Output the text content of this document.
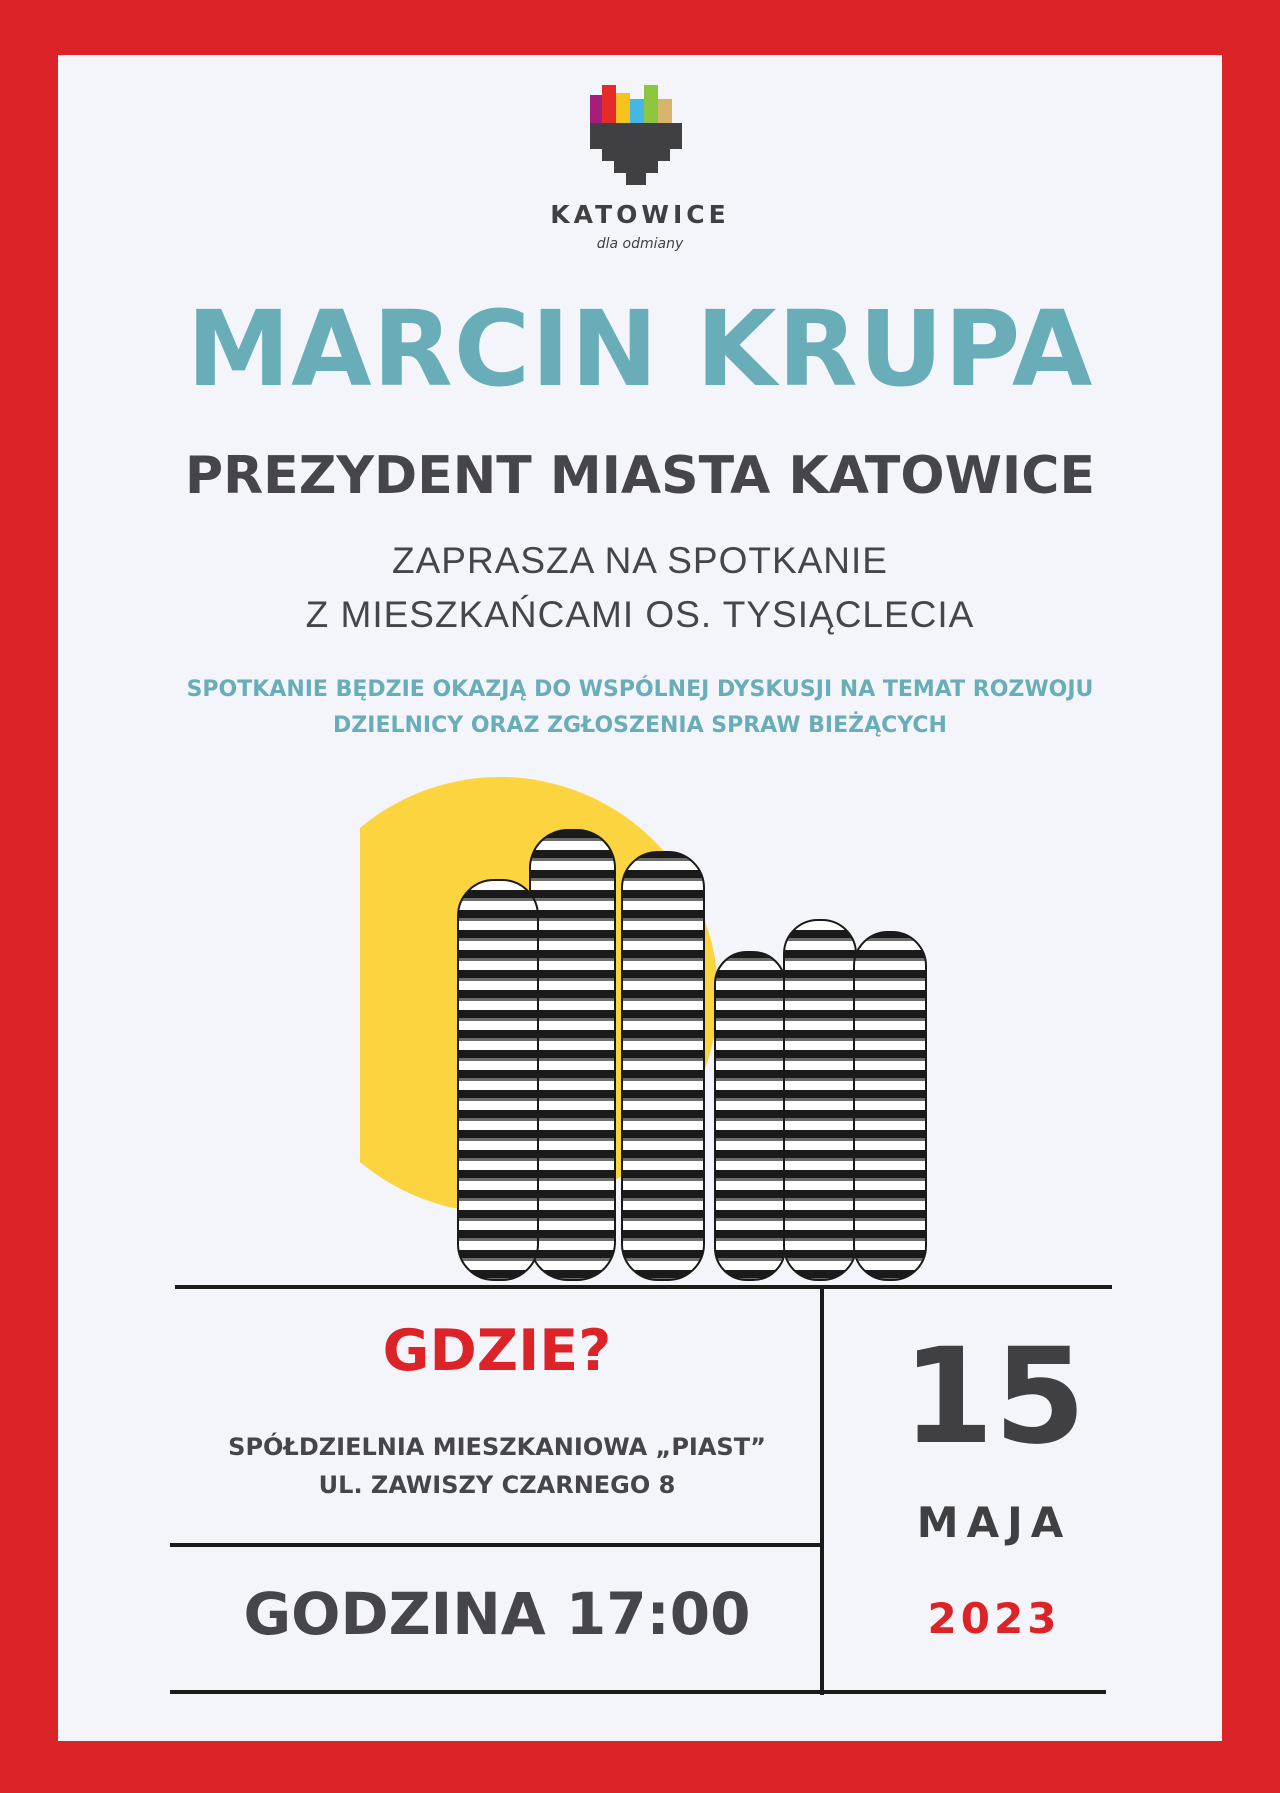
KATOWICE
dla odmiany
MARCIN KRUPA
PREZYDENT MIASTA KATOWICE
ZAPRASZA NA SPOTKANIE
Z MIESZKAŃCAMI OS. TYSIĄCLECIA
SPOTKANIE BĘDZIE OKAZJĄ DO WSPÓLNEJ DYSKUSJI NA TEMAT ROZWOJU
DZIELNICY ORAZ ZGŁOSZENIA SPRAW BIEŻĄCYCH
GDZIE?
SPÓŁDZIELNIA MIESZKANIOWA „PIAST”
UL. ZAWISZY CZARNEGO 8
GODZINA 17:00
15
MAJA
2023
